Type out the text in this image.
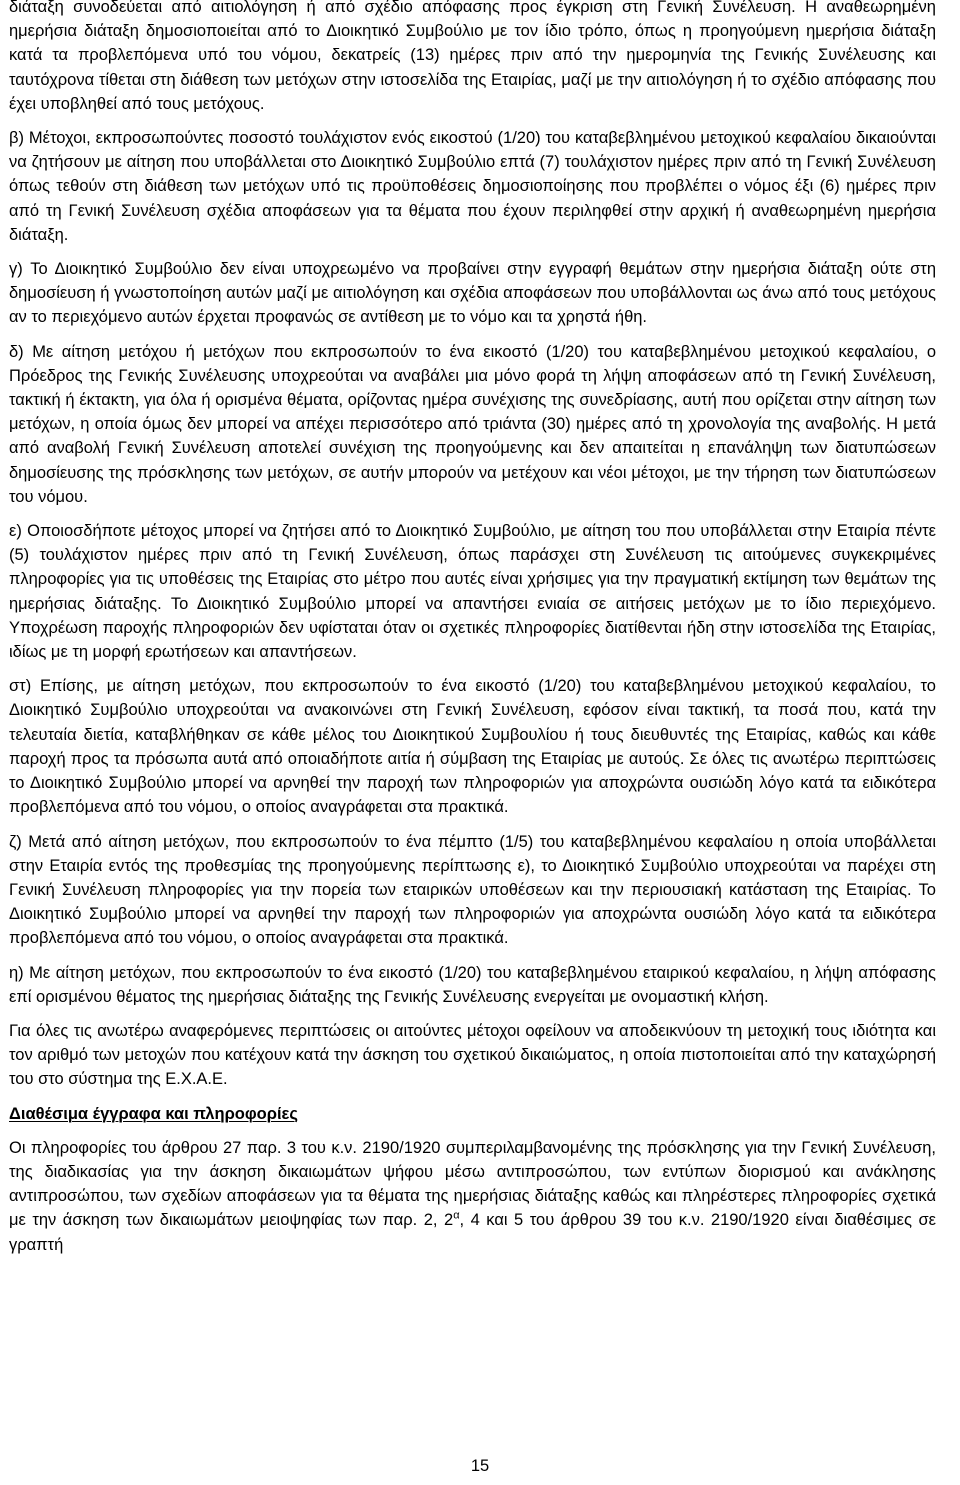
διάταξη συνοδεύεται από αιτιολόγηση ή από σχέδιο απόφασης προς έγκριση στη Γενική Συνέλευση. Η αναθεωρημένη ημερήσια διάταξη δημοσιοποιείται από το Διοικητικό Συμβούλιο με τον ίδιο τρόπο, όπως η προηγούμενη ημερήσια διάταξη κατά τα προβλεπόμενα υπό του νόμου, δεκατρείς (13) ημέρες πριν από την ημερομηνία της Γενικής Συνέλευσης και ταυτόχρονα τίθεται στη διάθεση των μετόχων στην ιστοσελίδα της Εταιρίας, μαζί με την αιτιολόγηση ή το σχέδιο απόφασης που έχει υποβληθεί από τους μετόχους.

β) Μέτοχοι, εκπροσωπούντες ποσοστό τουλάχιστον ενός εικοστού (1/20) του καταβεβλημένου μετοχικού κεφαλαίου δικαιούνται να ζητήσουν με αίτηση που υποβάλλεται στο Διοικητικό Συμβούλιο επτά (7) τουλάχιστον ημέρες πριν από τη Γενική Συνέλευση όπως τεθούν στη διάθεση των μετόχων υπό τις προϋποθέσεις δημοσιοποίησης που προβλέπει ο νόμος έξι (6) ημέρες πριν από τη Γενική Συνέλευση σχέδια αποφάσεων για τα θέματα που έχουν περιληφθεί στην αρχική ή αναθεωρημένη ημερήσια διάταξη.

γ) Το Διοικητικό Συμβούλιο δεν είναι υποχρεωμένο να προβαίνει στην εγγραφή θεμάτων στην ημερήσια διάταξη ούτε στη δημοσίευση ή γνωστοποίηση αυτών μαζί με αιτιολόγηση και σχέδια αποφάσεων που υποβάλλονται ως άνω από τους μετόχους αν το περιεχόμενο αυτών έρχεται προφανώς σε αντίθεση με το νόμο και τα χρηστά ήθη.

δ) Με αίτηση μετόχου ή μετόχων που εκπροσωπούν το ένα εικοστό (1/20) του καταβεβλημένου μετοχικού κεφαλαίου, ο Πρόεδρος της Γενικής Συνέλευσης υποχρεούται να αναβάλει μια μόνο φορά τη λήψη αποφάσεων από τη Γενική Συνέλευση, τακτική ή έκτακτη, για όλα ή ορισμένα θέματα, ορίζοντας ημέρα συνέχισης της συνεδρίασης, αυτή που ορίζεται στην αίτηση των μετόχων, η οποία όμως δεν μπορεί να απέχει περισσότερο από τριάντα (30) ημέρες από τη χρονολογία της αναβολής. Η μετά από αναβολή Γενική Συνέλευση αποτελεί συνέχιση της προηγούμενης και δεν απαιτείται η επανάληψη των διατυπώσεων δημοσίευσης της πρόσκλησης των μετόχων, σε αυτήν μπορούν να μετέχουν και νέοι μέτοχοι, με την τήρηση των διατυπώσεων του νόμου.

ε) Οποιοσδήποτε μέτοχος μπορεί να ζητήσει από το Διοικητικό Συμβούλιο, με αίτηση του που υποβάλλεται στην Εταιρία πέντε (5) τουλάχιστον ημέρες πριν από τη Γενική Συνέλευση, όπως παράσχει στη Συνέλευση τις αιτούμενες συγκεκριμένες πληροφορίες για τις υποθέσεις της Εταιρίας στο μέτρο που αυτές είναι χρήσιμες για την πραγματική εκτίμηση των θεμάτων της ημερήσιας διάταξης. Το Διοικητικό Συμβούλιο μπορεί να απαντήσει ενιαία σε αιτήσεις μετόχων με το ίδιο περιεχόμενο. Υποχρέωση παροχής πληροφοριών δεν υφίσταται όταν οι σχετικές πληροφορίες διατίθενται ήδη στην ιστοσελίδα της Εταιρίας, ιδίως με τη μορφή ερωτήσεων και απαντήσεων.

στ) Επίσης, με αίτηση μετόχων, που εκπροσωπούν το ένα εικοστό (1/20) του καταβεβλημένου μετοχικού κεφαλαίου, το Διοικητικό Συμβούλιο υποχρεούται να ανακοινώνει στη Γενική Συνέλευση, εφόσον είναι τακτική, τα ποσά που, κατά την τελευταία διετία, καταβλήθηκαν σε κάθε μέλος του Διοικητικού Συμβουλίου ή τους διευθυντές της Εταιρίας, καθώς και κάθε παροχή προς τα πρόσωπα αυτά από οποιαδήποτε αιτία ή σύμβαση της Εταιρίας με αυτούς. Σε όλες τις ανωτέρω περιπτώσεις το Διοικητικό Συμβούλιο μπορεί να αρνηθεί την παροχή των πληροφοριών για αποχρώντα ουσιώδη λόγο κατά τα ειδικότερα προβλεπόμενα από του νόμου, ο οποίος αναγράφεται στα πρακτικά.

ζ) Μετά από αίτηση μετόχων, που εκπροσωπούν το ένα πέμπτο (1/5) του καταβεβλημένου κεφαλαίου η οποία υποβάλλεται στην Εταιρία εντός της προθεσμίας της προηγούμενης περίπτωσης ε), το Διοικητικό Συμβούλιο υποχρεούται να παρέχει στη Γενική Συνέλευση πληροφορίες για την πορεία των εταιρικών υποθέσεων και την περιουσιακή κατάσταση της Εταιρίας. Το Διοικητικό Συμβούλιο μπορεί να αρνηθεί την παροχή των πληροφοριών για αποχρώντα ουσιώδη λόγο κατά τα ειδικότερα προβλεπόμενα από του νόμου, ο οποίος αναγράφεται στα πρακτικά.

η) Με αίτηση μετόχων, που εκπροσωπούν το ένα εικοστό (1/20) του καταβεβλημένου εταιρικού κεφαλαίου, η λήψη απόφασης επί ορισμένου θέματος της ημερήσιας διάταξης της Γενικής Συνέλευσης ενεργείται με ονομαστική κλήση.

Για όλες τις ανωτέρω αναφερόμενες περιπτώσεις οι αιτούντες μέτοχοι οφείλουν να αποδεικνύουν τη μετοχική τους ιδιότητα και τον αριθμό των μετοχών που κατέχουν κατά την άσκηση του σχετικού δικαιώματος, η οποία πιστοποιείται από την καταχώρησή του στο σύστημα της Ε.Χ.Α.Ε.

Διαθέσιμα έγγραφα και πληροφορίες

Οι πληροφορίες του άρθρου 27 παρ. 3 του κ.ν. 2190/1920 συμπεριλαμβανομένης της πρόσκλησης για την Γενική Συνέλευση, της διαδικασίας για την άσκηση δικαιωμάτων ψήφου μέσω αντιπροσώπου, των εντύπων διορισμού και ανάκλησης αντιπροσώπου, των σχεδίων αποφάσεων για τα θέματα της ημερήσιας διάταξης καθώς και πληρέστερες πληροφορίες σχετικά με την άσκηση των δικαιωμάτων μειοψηφίας των παρ. 2, $2^\alpha$, 4 και 5 του άρθρου 39 του κ.ν. 2190/1920 είναι διαθέσιμες σε γραπτή

15
